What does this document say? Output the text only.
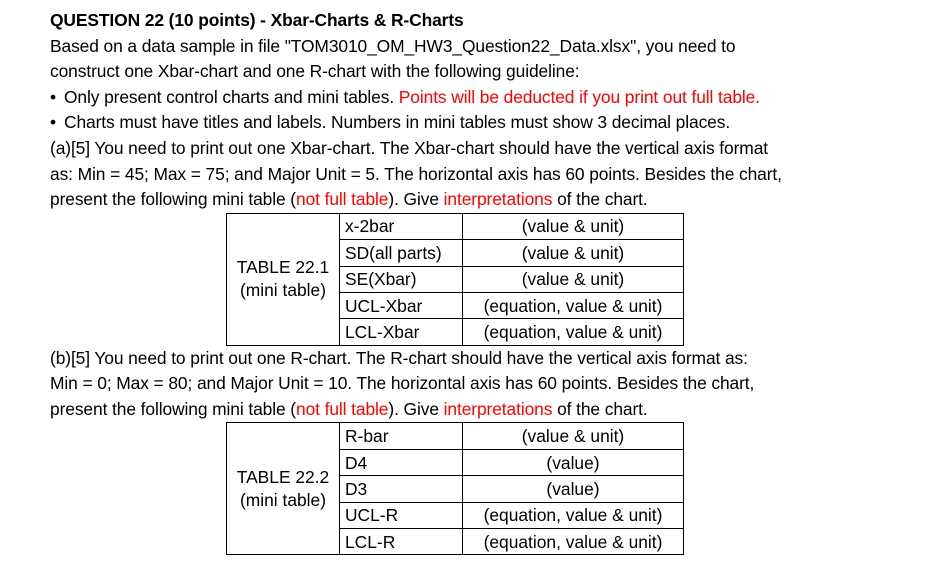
QUESTION 22 (10 points) - Xbar-Charts & R-Charts
Based on a data sample in file "TOM3010_OM_HW3_Question22_Data.xlsx", you need to
construct one Xbar-chart and one R-chart with the following guideline:
• Only present control charts and mini tables. Points will be deducted if you print out full table.
• Charts must have titles and labels. Numbers in mini tables must show 3 decimal places.
(a)[5] You need to print out one Xbar-chart. The Xbar-chart should have the vertical axis format
as: Min = 45; Max = 75; and Major Unit = 5. The horizontal axis has 60 points. Besides the chart,
present the following mini table (not full table). Give interpretations of the chart.
TABLE 22.1
(mini table)	x-2bar	(value & unit)
	SD(all parts)	(value & unit)
	SE(Xbar)	(value & unit)
	UCL-Xbar	(equation, value & unit)
	LCL-Xbar	(equation, value & unit)
(b)[5] You need to print out one R-chart. The R-chart should have the vertical axis format as:
Min = 0; Max = 80; and Major Unit = 10. The horizontal axis has 60 points. Besides the chart,
present the following mini table (not full table). Give interpretations of the chart.
TABLE 22.2
(mini table)	R-bar	(value & unit)
	D4	(value)
	D3	(value)
	UCL-R	(equation, value & unit)
	LCL-R	(equation, value & unit)
